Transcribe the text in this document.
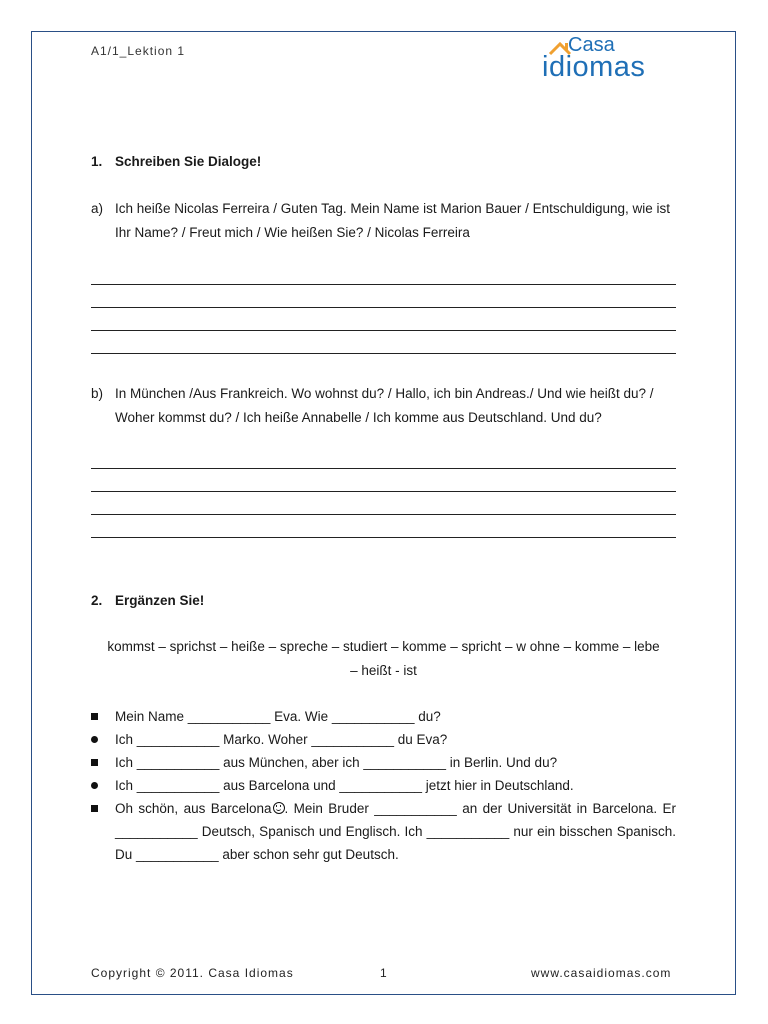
A1/1_Lektion 1	Casa
idiomas
1. Schreiben Sie Dialoge!
a) Ich heiße Nicolas Ferreira / Guten Tag. Mein Name ist Marion Bauer / Entschuldigung, wie ist Ihr Name? / Freut mich / Wie heißen Sie? / Nicolas Ferreira
b) In München /Aus Frankreich. Wo wohnst du? / Hallo, ich bin Andreas./ Und wie heißt du? / Woher kommst du? / Ich heiße Annabelle / Ich komme aus Deutschland. Und du?
2. Ergänzen Sie!
kommst – sprichst – heiße – spreche – studiert – komme – spricht – w ohne – komme – lebe
– heißt - ist
Mein Name ___________ Eva. Wie ___________ du?
Ich ___________ Marko. Woher ___________ du Eva?
Ich ___________ aus München, aber ich ___________ in Berlin. Und du?
Ich ___________ aus Barcelona und ___________ jetzt hier in Deutschland.
Oh schön, aus Barcelona . Mein Bruder ___________ an der Universität in Barcelona. Er ___________ Deutsch, Spanisch und Englisch. Ich ___________ nur ein bisschen Spanisch. Du ___________ aber schon sehr gut Deutsch.
Copyright © 2011. Casa Idiomas	1	www.casaidiomas.com
